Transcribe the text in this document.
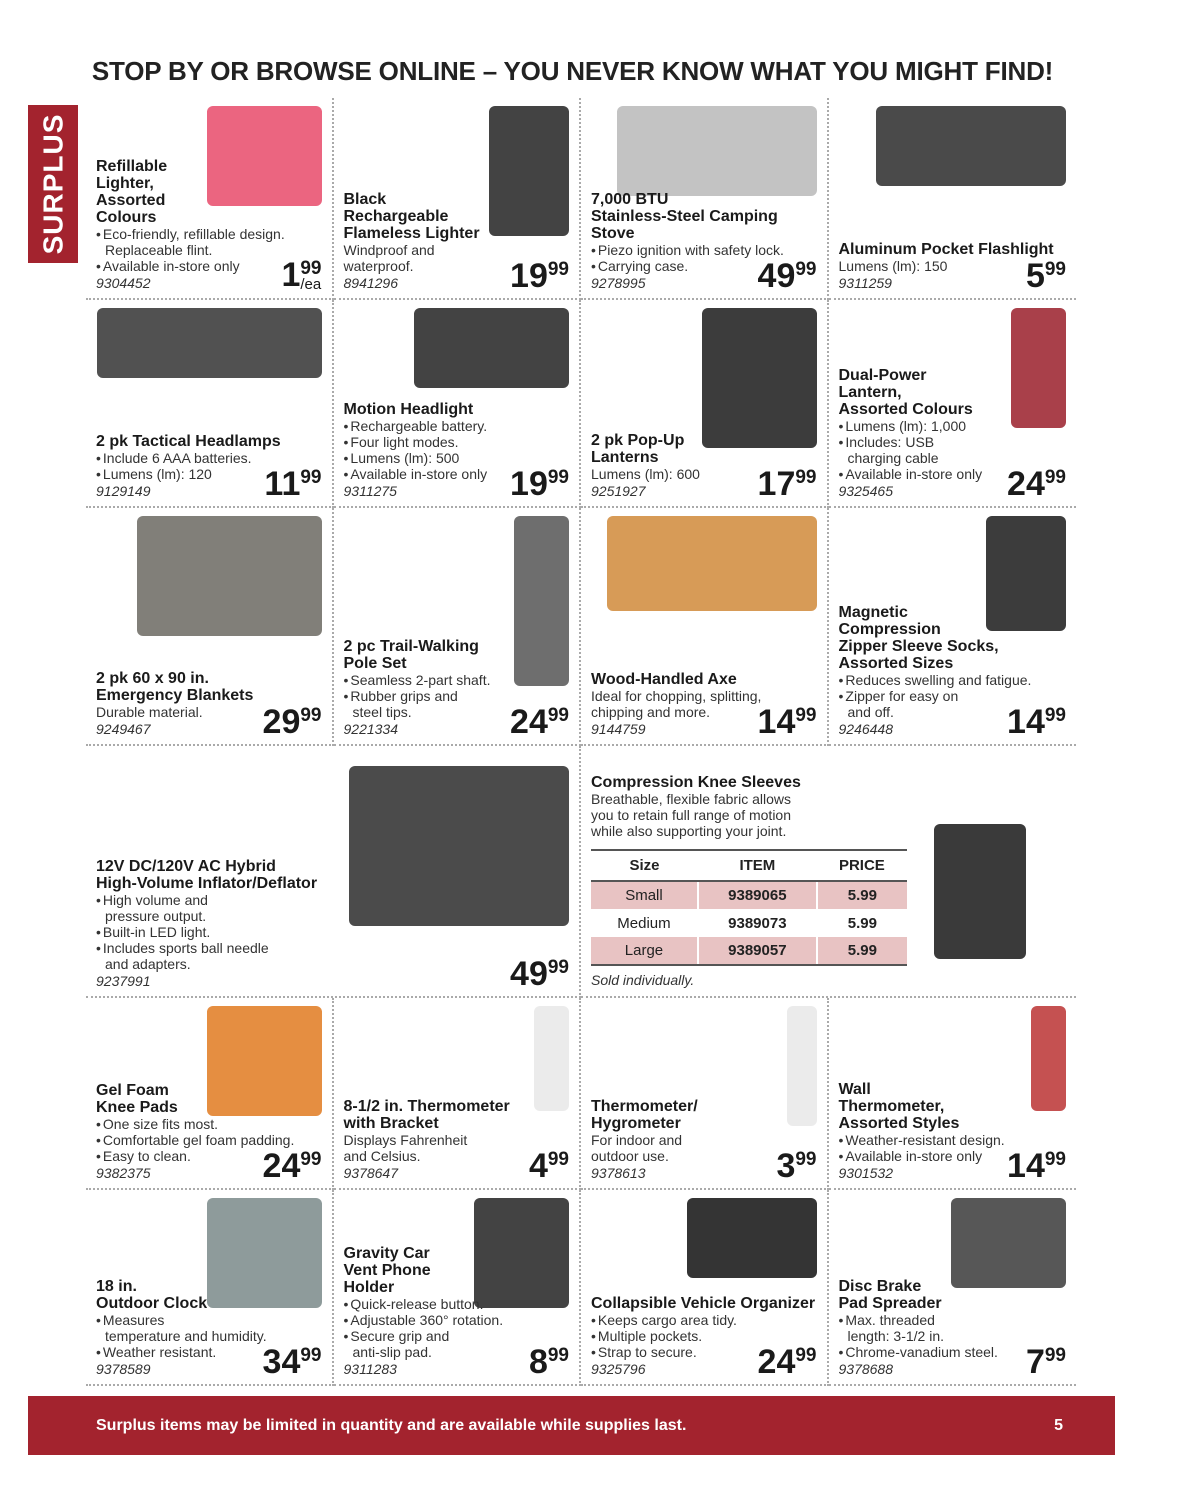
STOP BY OR BROWSE ONLINE – YOU NEVER KNOW WHAT YOU MIGHT FIND!
SURPLUS Refillable
Lighter,
Assorted
Colours
• Eco-friendly, refillable design.
Replaceable flint.
• Available in-store only
9304452	1 99
/ea
Black
Rechargeable
Flameless Lighter
Windproof and
waterproof.
8941296	19 99
7,000 BTU
Stainless-Steel Camping Stove
• Piezo ignition with safety lock.
• Carrying case.
9278995	49 99
Aluminum Pocket Flashlight
Lumens (lm): 150
9311259	5 99
2 pk Tactical Headlamps
• Include 6 AAA batteries.
• Lumens (lm): 120
9129149	11 99
Motion Headlight
• Rechargeable battery.
• Four light modes.
• Lumens (lm): 500
• Available in-store only
9311275	19 99
2 pk Pop-Up
Lanterns
Lumens (lm): 600
9251927	17 99
Dual-Power
Lantern,
Assorted Colours
• Lumens (lm): 1,000
• Includes: USB
charging cable
• Available in-store only
9325465	24 99
2 pk 60 x 90 in.
Emergency Blankets
Durable material.
9249467	29 99
2 pc Trail-Walking
Pole Set
• Seamless 2-part shaft.
• Rubber grips and
steel tips.
9221334	24 99
Wood-Handled Axe
Ideal for chopping, splitting,
chipping and more.
9144759	14 99
Magnetic
Compression
Zipper Sleeve Socks,
Assorted Sizes
• Reduces swelling and fatigue.
• Zipper for easy on
and off.
9246448	14 99
12V DC/120V AC Hybrid
High-Volume Inflator/Deflator
• High volume and
pressure output.
• Built-in LED light.
• Includes sports ball needle
and adapters.
9237991	49 99
Compression Knee Sleeves
Breathable, flexible fabric allows
you to retain full range of motion
while also supporting your joint.
Size	ITEM	PRICE
Small	9389065	5.99
Medium	9389073	5.99
Large	9389057	5.99
Sold individually.
Gel Foam
Knee Pads
• One size fits most.
• Comfortable gel foam padding.
• Easy to clean.
9382375	24 99
8-1/2 in. Thermometer
with Bracket
Displays Fahrenheit
and Celsius.
9378647	4 99
Thermometer/
Hygrometer
For indoor and
outdoor use.
9378613	3 99
Wall
Thermometer,
Assorted Styles
• Weather-resistant design.
• Available in-store only
9301532	14 99
18 in.
Outdoor Clock
• Measures
temperature and humidity.
• Weather resistant.
9378589	34 99
Gravity Car
Vent Phone
Holder
• Quick-release button.
• Adjustable 360° rotation.
• Secure grip and
anti-slip pad.
9311283	8 99
Collapsible Vehicle Organizer
• Keeps cargo area tidy.
• Multiple pockets.
• Strap to secure.
9325796	24 99
Disc Brake
Pad Spreader
• Max. threaded
length: 3-1/2 in.
• Chrome-vanadium steel.
9378688	7 99
Surplus items may be limited in quantity and are available while supplies last.	5
